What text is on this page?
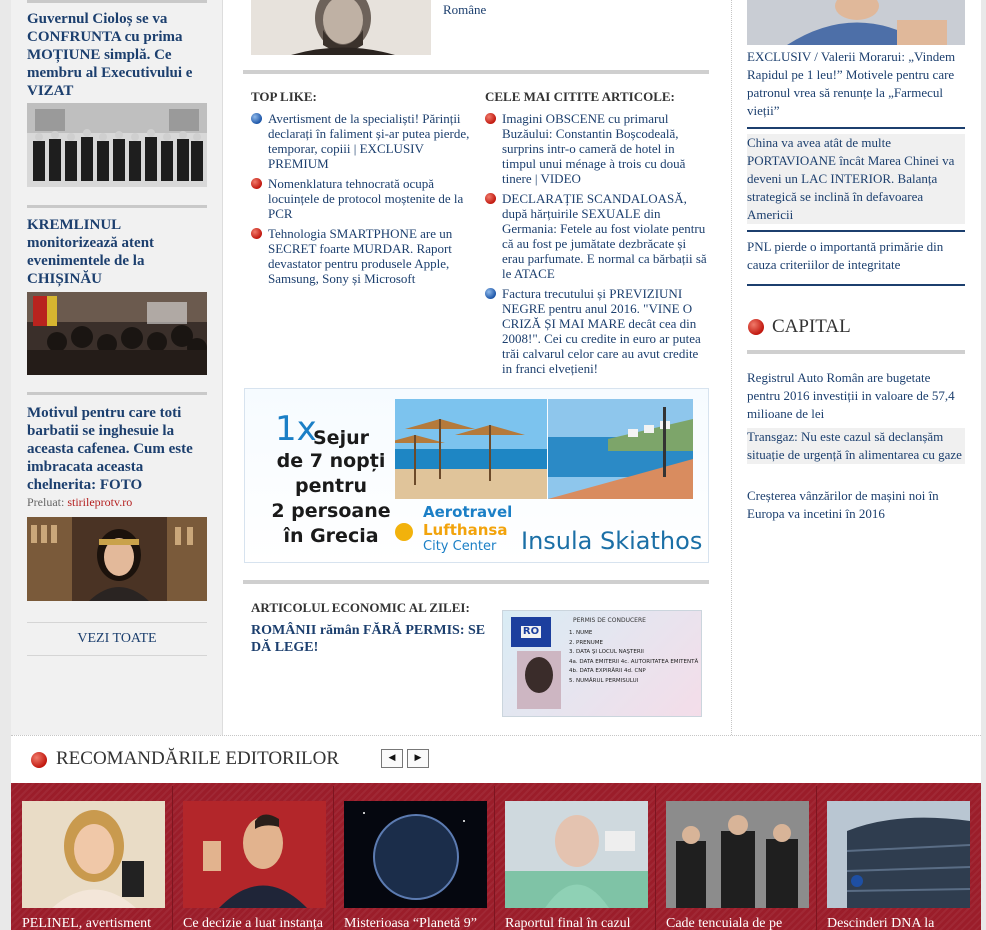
Guvernul Cioloș se va CONFRUNTA cu prima MOȚIUNE simplă. Ce membru al Executivului e VIZAT
KREMLINUL monitorizează atent evenimentele de la CHIȘINĂU
Motivul pentru care toti barbatii se inghesuie la aceasta cafenea. Cum este imbracata aceasta chelnerita: FOTO
Preluat: stirileprotv.ro
VEZI TOATE
Române
TOP LIKE:
Avertisment de la specialiști! Părinții declarați în faliment și-ar putea pierde, temporar, copiii | EXCLUSIV PREMIUM
Nomenklatura tehnocrată ocupă locuințele de protocol moștenite de la PCR
Tehnologia SMARTPHONE are un SECRET foarte MURDAR. Raport devastator pentru produsele Apple, Samsung, Sony și Microsoft
CELE MAI CITITE ARTICOLE:
Imagini OBSCENE cu primarul Buzăului: Constantin Boșcodeală, surprins intr-o cameră de hotel in timpul unui ménage à trois cu două tinere | VIDEO
DECLARAȚIE SCANDALOASĂ, după hărțuirile SEXUALE din Germania: Fetele au fost violate pentru că au fost pe jumătate dezbrăcate și erau parfumate. E normal ca bărbații să le ATACE
Factura trecutului și PREVIZIUNI NEGRE pentru anul 2016. "VINE O CRIZĂ ȘI MAI MARE decât cea din 2008!". Cei cu credite in euro ar putea trăi calvarul celor care au avut credite in franci elvețieni!
1x
Sejur
de 7 nopți
pentru
2 persoane
în Grecia
Aerotravel
Lufthansa
City Center Insula Skiathos
ARTICOLUL ECONOMIC AL ZILEI:
ROMÂNII rămân FĂRĂ PERMIS: SE DĂ LEGE!
RO
PERMIS DE CONDUCERE
1. NUME
2. PRENUME
3. DATA ŞI LOCUL NAŞTERII
4a. DATA EMITERII 4c. AUTORITATEA EMITENTĂ
4b. DATA EXPIRĂRII 4d. CNP
5. NUMĂRUL PERMISULUI
EXCLUSIV / Valerii Morarui: „Vindem Rapidul pe 1 leu!” Motivele pentru care patronul vrea să renunțe la „Farmecul vieții”
China va avea atât de multe PORTAVIOANE încât Marea Chinei va deveni un LAC INTERIOR. Balanța strategică se inclină în defavoarea Americii
PNL pierde o importantă primărie din cauza criteriilor de integritate
CAPITAL
Registrul Auto Român are bugetate pentru 2016 investiții in valoare de 57,4 milioane de lei
Transgaz: Nu este cazul să declanșăm situație de urgență în alimentarea cu gaze
Creșterea vânzărilor de mașini noi în Europa va incetini în 2016
RECOMANDĂRILE EDITORILOR	◀	▶
PELINEL, avertisment	Ce decizie a luat instanța	Misterioasa “Planetă 9”	Raportul final în cazul	Cade tencuiala de pe	Descinderi DNA la
